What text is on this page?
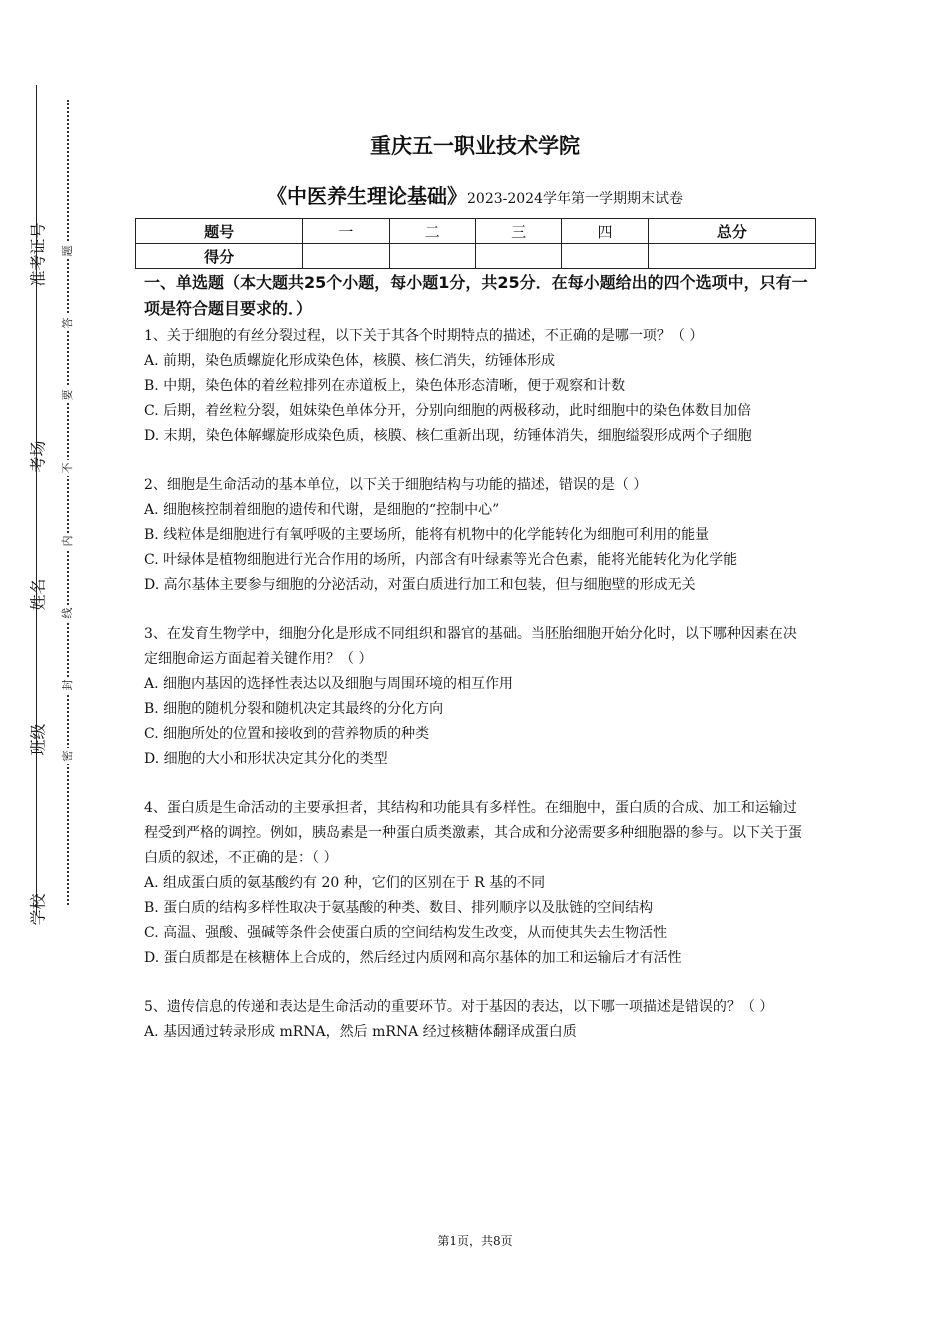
准考证号
考场
姓名
班级
学校
题
答
要
不
内
线
封
密
重庆五一职业技术学院
《中医养生理论基础》2023-2024学年第一学期期末试卷
题号	一	二	三	四	总分
得分					
一、单选题（本大题共25个小题，每小题1分，共25分．在每小题给出的四个选项中，只有一项是符合题目要求的．）
1、关于细胞的有丝分裂过程，以下关于其各个时期特点的描述，不正确的是哪一项？（ ）
A. 前期，染色质螺旋化形成染色体，核膜、核仁消失，纺锤体形成
B. 中期，染色体的着丝粒排列在赤道板上，染色体形态清晰，便于观察和计数
C. 后期，着丝粒分裂，姐妹染色单体分开，分别向细胞的两极移动，此时细胞中的染色体数目加倍
D. 末期，染色体解螺旋形成染色质，核膜、核仁重新出现，纺锤体消失，细胞缢裂形成两个子细胞
2、细胞是生命活动的基本单位，以下关于细胞结构与功能的描述，错误的是（ ）
A. 细胞核控制着细胞的遗传和代谢，是细胞的“控制中心”
B. 线粒体是细胞进行有氧呼吸的主要场所，能将有机物中的化学能转化为细胞可利用的能量
C. 叶绿体是植物细胞进行光合作用的场所，内部含有叶绿素等光合色素，能将光能转化为化学能
D. 高尔基体主要参与细胞的分泌活动，对蛋白质进行加工和包装，但与细胞壁的形成无关
3、在发育生物学中，细胞分化是形成不同组织和器官的基础。当胚胎细胞开始分化时，以下哪种因素在决定细胞命运方面起着关键作用？（ ）
A. 细胞内基因的选择性表达以及细胞与周围环境的相互作用
B. 细胞的随机分裂和随机决定其最终的分化方向
C. 细胞所处的位置和接收到的营养物质的种类
D. 细胞的大小和形状决定其分化的类型
4、蛋白质是生命活动的主要承担者，其结构和功能具有多样性。在细胞中，蛋白质的合成、加工和运输过程受到严格的调控。例如，胰岛素是一种蛋白质类激素，其合成和分泌需要多种细胞器的参与。以下关于蛋白质的叙述，不正确的是：（ ）
A. 组成蛋白质的氨基酸约有 20 种，它们的区别在于 R 基的不同
B. 蛋白质的结构多样性取决于氨基酸的种类、数目、排列顺序以及肽链的空间结构
C. 高温、强酸、强碱等条件会使蛋白质的空间结构发生改变，从而使其失去生物活性
D. 蛋白质都是在核糖体上合成的，然后经过内质网和高尔基体的加工和运输后才有活性
5、遗传信息的传递和表达是生命活动的重要环节。对于基因的表达，以下哪一项描述是错误的？（ ）
A. 基因通过转录形成 mRNA，然后 mRNA 经过核糖体翻译成蛋白质
第1页，共8页
